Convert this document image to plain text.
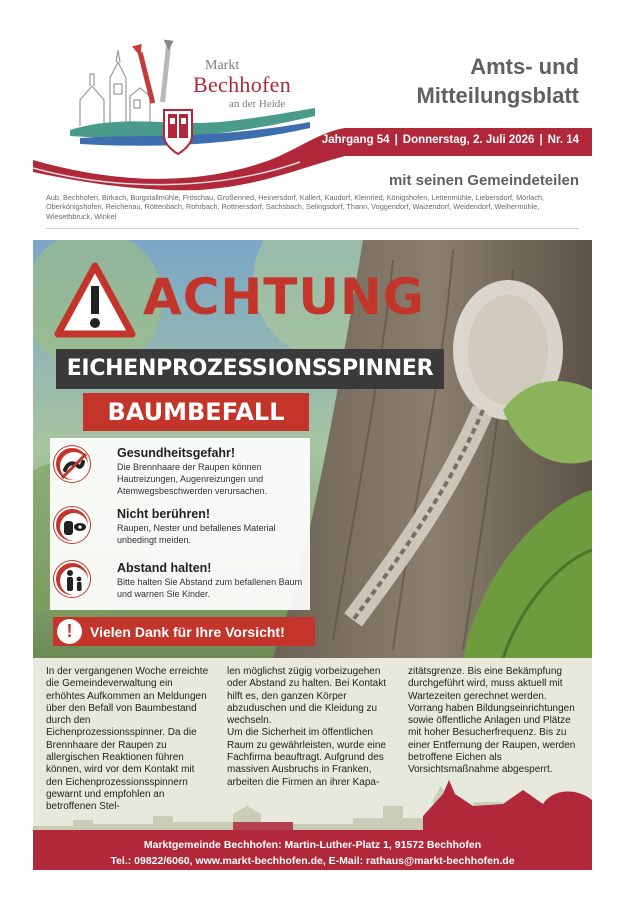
Markt
Bechhofen
an der Heide
Amts- und
Mitteilungsblatt
Jahrgang 54 | Donnerstag, 2. Juli 2026 | Nr. 14
mit seinen Gemeindeteilen
Aub, Bechhofen, Birkach, Burgstallmühle, Fröschau, Großenried, Heinersdorf, Kallert, Kaudorf, Kleinried, Königshofen, Lettenmühle, Liebersdorf, Mörlach, Oberkönigshofen, Reichenau, Röttenbach, Rohrbach, Rottnersdorf, Sachsbach, Selingsdorf, Thann, Voggendorf, Waizendorf, Weidendorf, Weihermühle, Wiesethbruck, Winkel
ACHTUNG
EICHENPROZESSIONSSPINNER
BAUMBEFALL
Gesundheitsgefahr!
Die Brennhaare der Raupen können Hautreizungen, Augenreizungen und Atemwegsbeschwerden verursachen.
Nicht berühren!
Raupen, Nester und befallenes Material unbedingt meiden.
Abstand halten!
Bitte halten Sie Abstand zum befallenen Baum und warnen Sie Kinder.
!	Vielen Dank für Ihre Vorsicht!

In der vergangenen Woche erreichte die Gemeindeverwaltung ein erhöhtes Aufkommen an Meldungen über den Befall von Baumbestand durch den Eichenprozessionsspinner. Da die Brennhaare der Raupen zu allergischen Reaktionen führen können, wird vor dem Kontakt mit den Eichenprozessionsspinnern gewarnt und empfohlen an betroffenen Stel-

len möglichst zügig vorbeizugehen oder Abstand zu halten. Bei Kontakt hilft es, den ganzen Körper abzuduschen und die Kleidung zu wechseln.

Um die Sicherheit im öffentlichen Raum zu gewährleisten, wurde eine Fachfirma beauftragt. Aufgrund des massiven Ausbruchs in Franken, arbeiten die Firmen an ihrer Kapa-

zitätsgrenze. Bis eine Bekämpfung durchgeführt wird, muss aktuell mit Wartezeiten gerechnet werden. Vorrang haben Bildungseinrichtungen sowie öffentliche Anlagen und Plätze mit hoher Besucherfrequenz. Bis zu einer Entfernung der Raupen, werden betroffene Eichen als Vorsichtsmaßnahme abgesperrt.

Marktgemeinde Bechhofen: Martin-Luther-Platz 1, 91572 Bechhofen
Tel.: 09822/6060, www.markt-bechhofen.de, E-Mail: rathaus@markt-bechhofen.de
